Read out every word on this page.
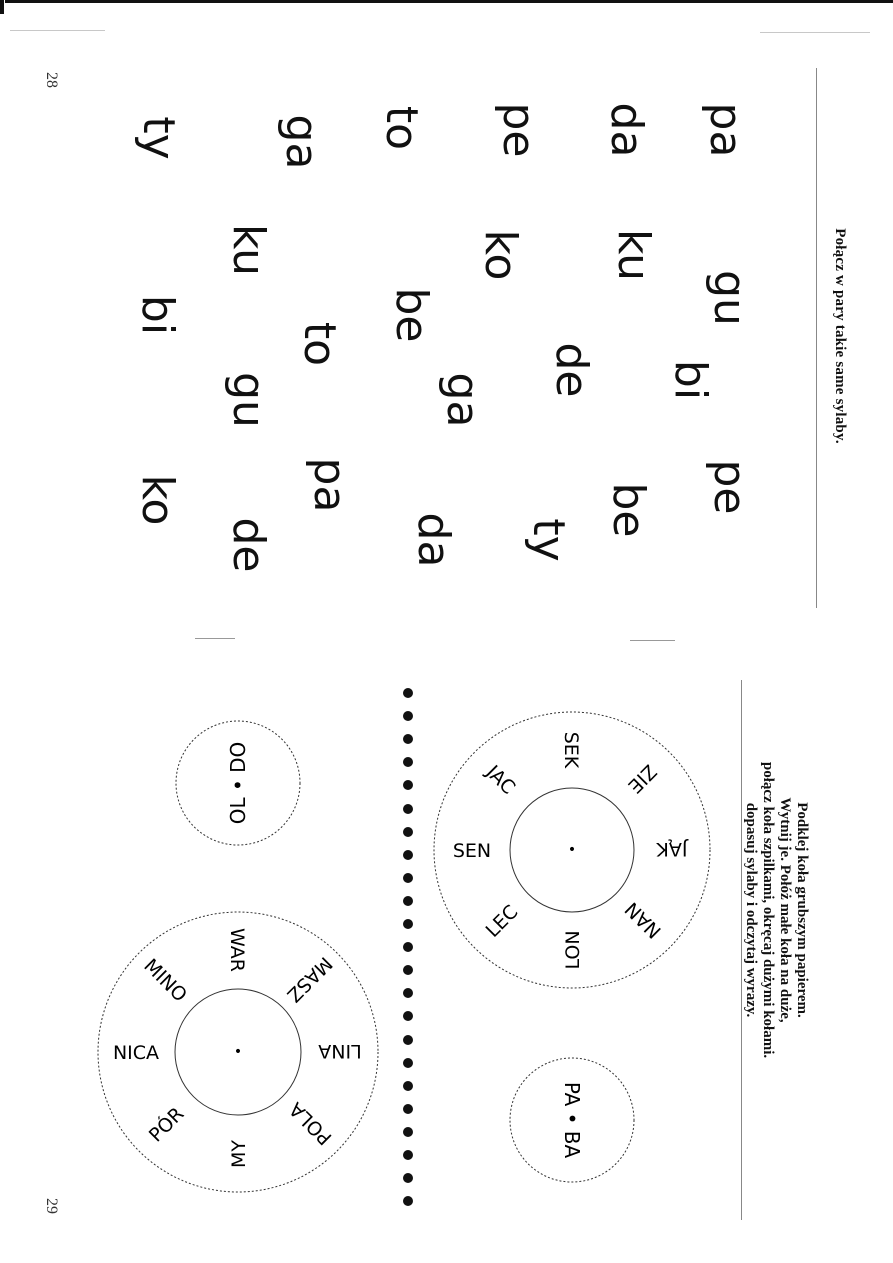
28
29
Połącz w pary takie same sylaby.
pa
gu
pe
da
ku
bi
be
pe
ko
de
ty
to
be
ga
da
ga
to
pa
ku
gu
de
ty
bi
ko
Podklej koła grubszym papierem.
Wytnij je. Połóż małe koła na duże,
połącz koła szpilkami, okręcaj dużymi kołami.
dopasuj sylaby i odczytaj wyrazy.
•
SEK
ZIE
JĄK
NAN
LON
LEC
SEN
JAC
PA • BA
•
WAR
MASZ
LINA
POLA
MY
PÓR
NICA
MINO
OL • DO
